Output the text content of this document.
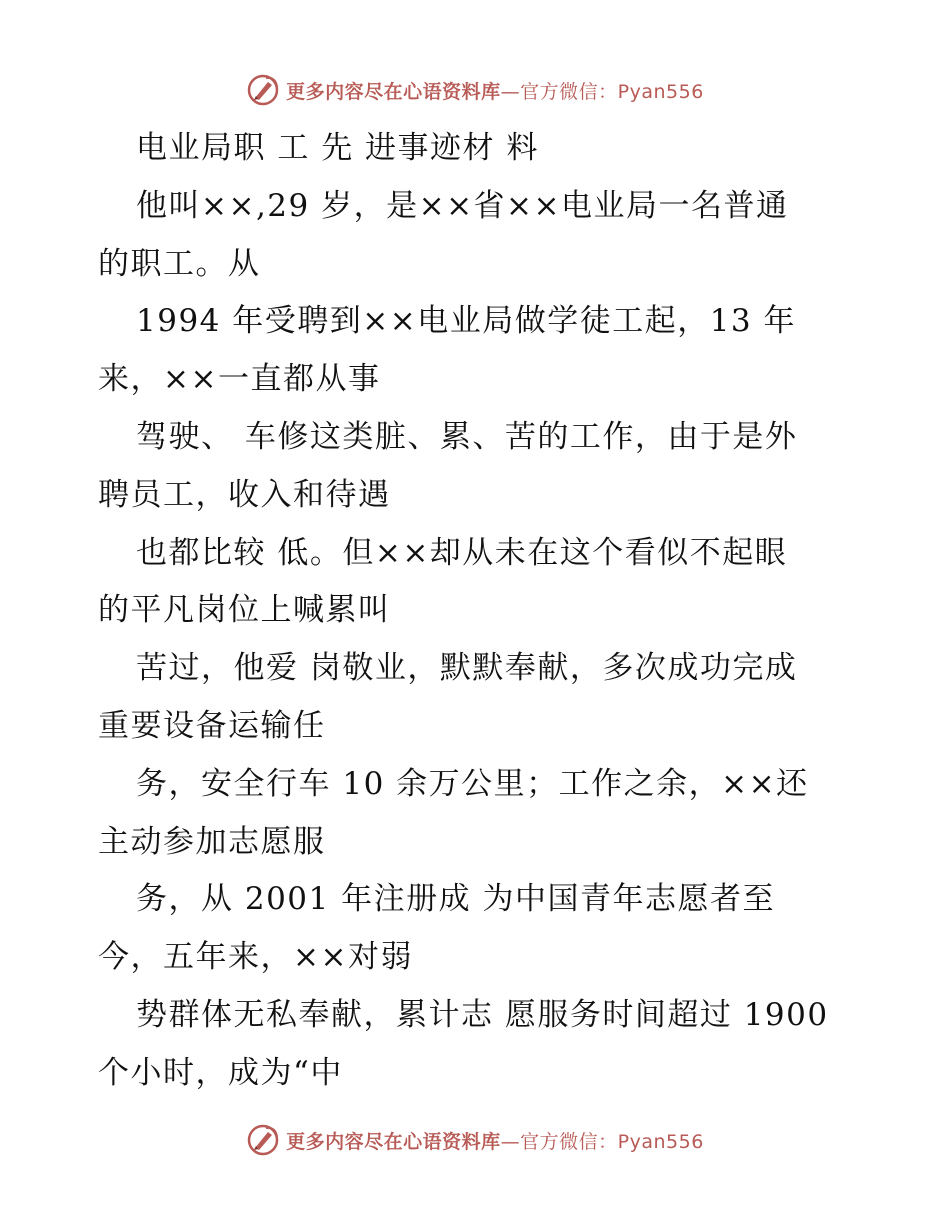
更多内容尽在心语资料库—官方微信：Pyan556
电业局职 工 先 进事迹材 料
他叫××,29 岁，是××省××电业局一名普通
的职工。从
1994 年受聘到××电业局做学徒工起，13 年
来，××一直都从事
驾驶、 车修这类脏、累、苦的工作，由于是外
聘员工，收入和待遇
也都比较 低。但××却从未在这个看似不起眼
的平凡岗位上喊累叫
苦过，他爱 岗敬业，默默奉献，多次成功完成
重要设备运输任
务，安全行车 10 余万公里；工作之余，××还
主动参加志愿服
务，从 2001 年注册成 为中国青年志愿者至
今，五年来，××对弱
势群体无私奉献，累计志 愿服务时间超过 1900
个小时，成为“中
更多内容尽在心语资料库—官方微信：Pyan556
